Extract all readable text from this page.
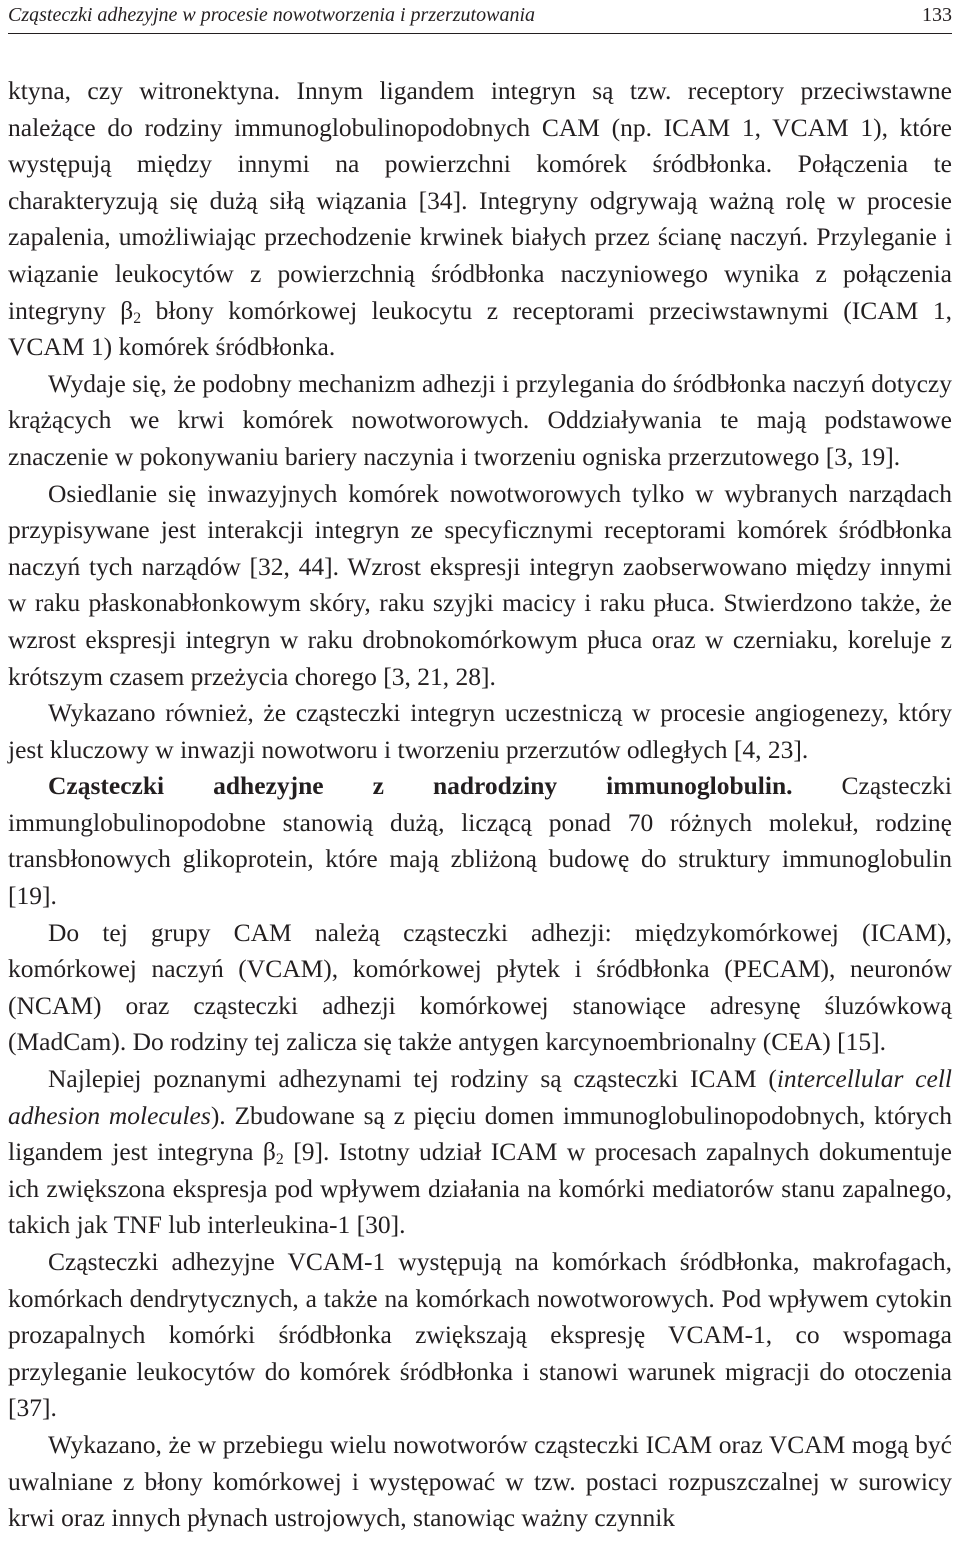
Cząsteczki adhezyjne w procesie nowotworzenia i przerzutowania	133

ktyna, czy witronektyna. Innym ligandem integryn są tzw. receptory przeciwstawne należące do rodziny immunoglobulinopodobnych CAM (np. ICAM 1, VCAM 1), które występują między innymi na powierzchni komórek śródbłonka. Połączenia te charakteryzują się dużą siłą wiązania [34]. Integryny odgrywają ważną rolę w procesie zapalenia, umożliwiając przechodzenie krwinek białych przez ścianę naczyń. Przyleganie i wiązanie leukocytów z powierzchnią śródbłonka naczyniowego wynika z połączenia integryny $\beta_2$ błony komórkowej leukocytu z receptorami przeciwstawnymi (ICAM 1, VCAM 1) komórek śródbłonka.

Wydaje się, że podobny mechanizm adhezji i przylegania do śródbłonka naczyń dotyczy krążących we krwi komórek nowotworowych. Oddziaływania te mają podstawowe znaczenie w pokonywaniu bariery naczynia i tworzeniu ogniska przerzutowego [3, 19].

Osiedlanie się inwazyjnych komórek nowotworowych tylko w wybranych narządach przypisywane jest interakcji integryn ze specyficznymi receptorami komórek śródbłonka naczyń tych narządów [32, 44]. Wzrost ekspresji integryn zaobserwowano między innymi w raku płaskonabłonkowym skóry, raku szyjki macicy i raku płuca. Stwierdzono także, że wzrost ekspresji integryn w raku drobnokomórkowym płuca oraz w czerniaku, koreluje z krótszym czasem przeżycia chorego [3, 21, 28].

Wykazano również, że cząsteczki integryn uczestniczą w procesie angiogenezy, który jest kluczowy w inwazji nowotworu i tworzeniu przerzutów odległych [4, 23].

Cząsteczki adhezyjne z nadrodziny immunoglobulin. Cząsteczki immunglobulinopodobne stanowią dużą, liczącą ponad 70 różnych molekuł, rodzinę transbłonowych glikoprotein, które mają zbliżoną budowę do struktury immunoglobulin [19].

Do tej grupy CAM należą cząsteczki adhezji: międzykomórkowej (ICAM), komórkowej naczyń (VCAM), komórkowej płytek i śródbłonka (PECAM), neuronów (NCAM) oraz cząsteczki adhezji komórkowej stanowiące adresynę śluzówkową (MadCam). Do rodziny tej zalicza się także antygen karcynoembrionalny (CEA) [15].

Najlepiej poznanymi adhezynami tej rodziny są cząsteczki ICAM (intercellular cell adhesion molecules). Zbudowane są z pięciu domen immunoglobulinopodobnych, których ligandem jest integryna $\beta_2$ [9]. Istotny udział ICAM w procesach zapalnych dokumentuje ich zwiększona ekspresja pod wpływem działania na komórki mediatorów stanu zapalnego, takich jak TNF lub interleukina-1 [30].

Cząsteczki adhezyjne VCAM-1 występują na komórkach śródbłonka, makrofagach, komórkach dendrytycznych, a także na komórkach nowotworowych. Pod wpływem cytokin prozapalnych komórki śródbłonka zwiększają ekspresję VCAM-1, co wspomaga przyleganie leukocytów do komórek śródbłonka i stanowi warunek migracji do otoczenia [37].

Wykazano, że w przebiegu wielu nowotworów cząsteczki ICAM oraz VCAM mogą być uwalniane z błony komórkowej i występować w tzw. postaci rozpuszczalnej w surowicy krwi oraz innych płynach ustrojowych, stanowiąc ważny czynnik
